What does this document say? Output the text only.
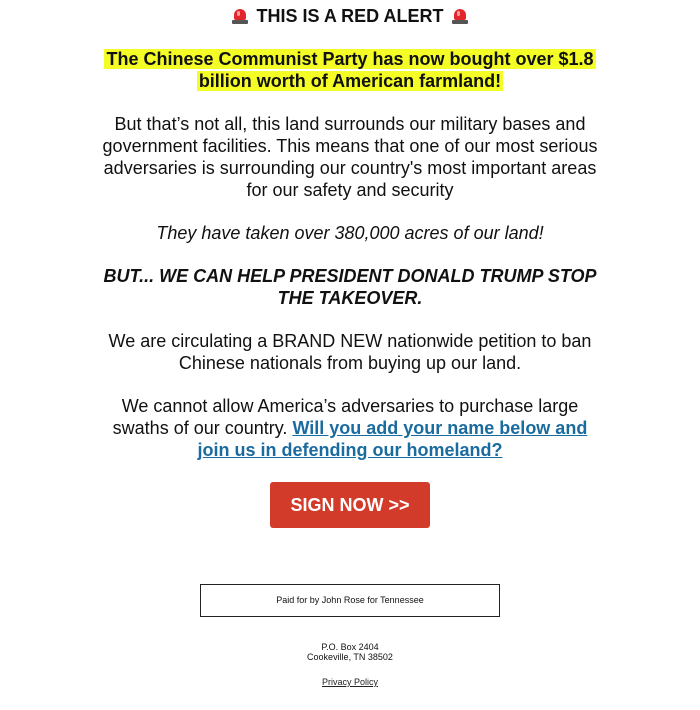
THIS IS A RED ALERT
The Chinese Communist Party has now bought over $1.8 billion worth of American farmland!

But that’s not all, this land surrounds our military bases and government facilities. This means that one of our most serious adversaries is surrounding our country's most important areas for our safety and security

They have taken over 380,000 acres of our land!

BUT... WE CAN HELP PRESIDENT DONALD TRUMP STOP THE TAKEOVER.

We are circulating a BRAND NEW nationwide petition to ban Chinese nationals from buying up our land.

We cannot allow America’s adversaries to purchase large swaths of our country. Will you add your name below and join us in defending our homeland?

SIGN NOW >>
Paid for by John Rose for Tennessee
P.O. Box 2404
Cookeville, TN 38502
Privacy Policy
